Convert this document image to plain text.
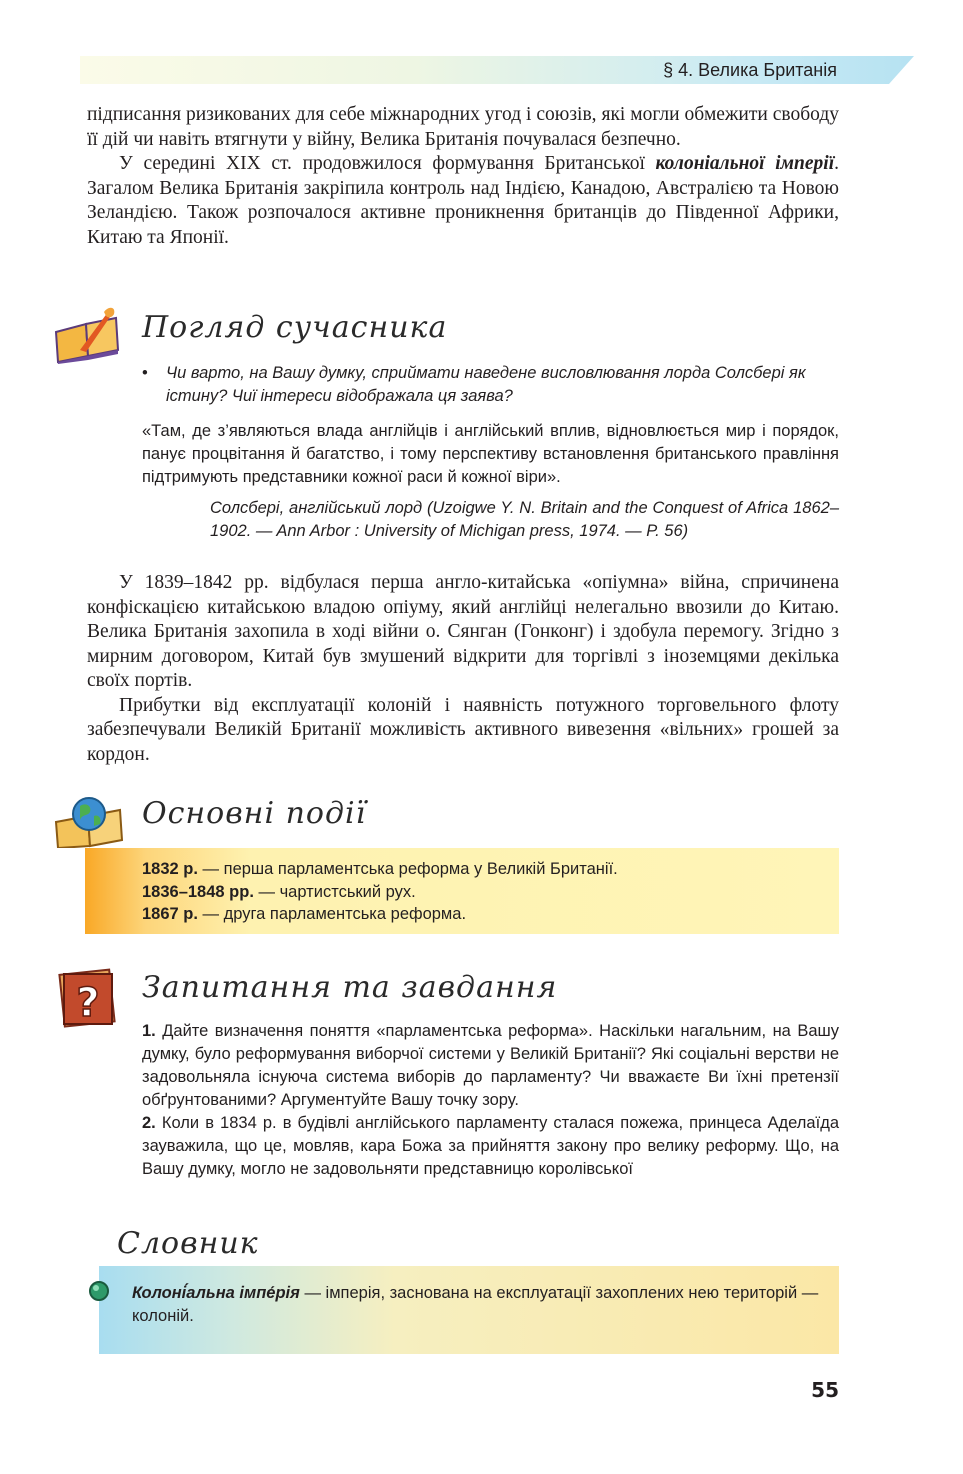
§ 4. Велика Британія

підписання ризикованих для себе міжнародних угод і союзів, які могли обмежити свободу її дій чи навіть втягнути у війну, Велика Британія почувалася безпечно.

У середині XIX ст. продовжилося формування Британської колоніальної імперії. Загалом Велика Британія закріпила контроль над Індією, Канадою, Австралією та Новою Зеландією. Також розпочалося активне проникнення британців до Південної Африки, Китаю та Японії.

Погляд сучасника
•	Чи варто, на Вашу думку, сприймати наведене висловлювання лорда Солсбері як істину? Чиї інтереси відображала ця заява?
«Там, де з’являються влада англійців і англійський вплив, відновлюється мир і порядок, панує процвітання й багатство, і тому перспективу встановлення британського правління підтримують представники кожної раси й кожної віри».
Солсбері, англійський лорд (Uzoigwe Y. N. Britain and the Conquest of Africa 1862–1902. — Ann Arbor : University of Michigan press, 1974. — P. 56)

У 1839–1842 рр. відбулася перша англо-китайська «опіумна» війна, спричинена конфіскацією китайською владою опіуму, який англійці нелегально ввозили до Китаю. Велика Британія захопила в ході війни о. Сянган (Гонконг) і здобула перемогу. Згідно з мирним договором, Китай був змушений відкрити для торгівлі з іноземцями декілька своїх портів.

Прибутки від експлуатації колоній і наявність потужного торговельного флоту забезпечували Великій Британії можливість активного вивезення «вільних» грошей за кордон.

Основні події
1832 р. — перша парламентська реформа у Великій Британії.
1836–1848 рр. — чартистський рух.
1867 р. — друга парламентська реформа.
? Запитання та завдання

1. Дайте визначення поняття «парламентська реформа». Наскільки нагальним, на Вашу думку, було реформування виборчої системи у Великій Британії? Які соціальні верстви не задовольняла існуюча система виборів до парламенту? Чи вважаєте Ви їхні претензії обґрунтованими? Аргументуйте Вашу точку зору.

2. Коли в 1834 р. в будівлі англійського парламенту сталася пожежа, принцеса Аделаїда зауважила, що це, мовляв, кара Божа за прийняття закону про велику реформу. Що, на Вашу думку, могло не задовольняти представницю королівської

Словник
Колоні́альна імпе́рія — імперія, заснована на експлуатації захоплених нею територій — колоній.
55
